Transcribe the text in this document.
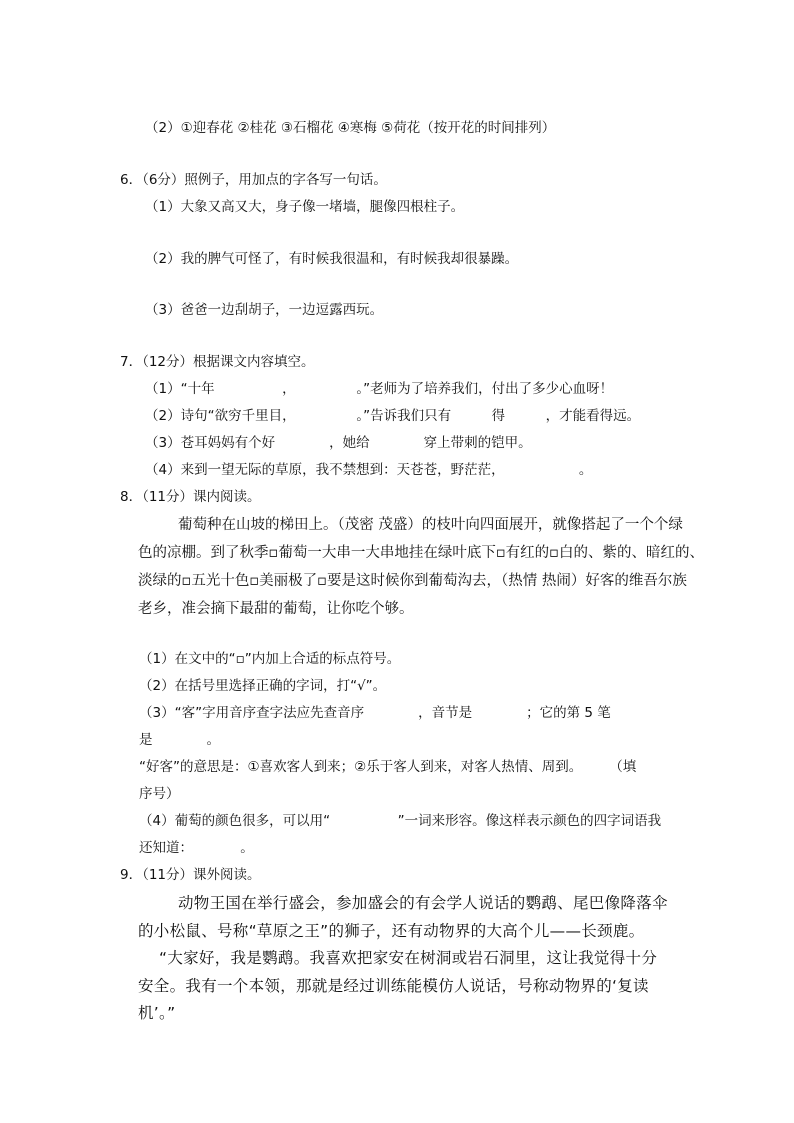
（2）①迎春花 ②桂花 ③石榴花 ④寒梅 ⑤荷花（按开花的时间排列）
6．（6分）照例子，用加点的字各写一句话。
（1）大象又高又大，身子像一堵墙，腿像四根柱子。
（2）我的脾气可怪了，有时候我很温和，有时候我却很暴躁。
（3）爸爸一边刮胡子，一边逗露西玩。
7．（12分）根据课文内容填空。
（1）“十年　　　　　，　　　　　。”老师为了培养我们，付出了多少心血呀！
（2）诗句“欲穷千里目，　　　　　。”告诉我们只有　　　得　　　，才能看得远。
（3）苍耳妈妈有个好　　　　，她给　　　　穿上带刺的铠甲。
（4）来到一望无际的草原，我不禁想到：天苍苍，野茫茫，　　　　　　。
8．（11分）课内阅读。
葡萄种在山坡的梯田上。（茂密 茂盛）的枝叶向四面展开，就像搭起了一个个绿
色的凉棚。到了秋季▫葡萄一大串一大串地挂在绿叶底下▫有红的▫白的、紫的、暗红的、
淡绿的▫五光十色▫美丽极了▫要是这时候你到葡萄沟去，（热情 热闹）好客的维吾尔族
老乡，准会摘下最甜的葡萄，让你吃个够。
（1）在文中的“▫”内加上合适的标点符号。
（2）在括号里选择正确的字词，打“√”。
（3）“客”字用音序查字法应先查音序　　　　，音节是　　　　；它的第 5 笔
是　　　　。
“好客”的意思是：①喜欢客人到来；②乐于客人到来，对客人热情、周到。　　　（填
序号）
（4）葡萄的颜色很多，可以用“　　　　　”一词来形容。像这样表示颜色的四字词语我
还知道：　　　　。
9．（11分）课外阅读。
动物王国在举行盛会，参加盛会的有会学人说话的鹦鹉、尾巴像降落伞
的小松鼠、号称“草原之王”的狮子，还有动物界的大高个儿——长颈鹿。
“大家好，我是鹦鹉。我喜欢把家安在树洞或岩石洞里，这让我觉得十分
安全。我有一个本领，那就是经过训练能模仿人说话，号称动物界的‘复读
机’。”
